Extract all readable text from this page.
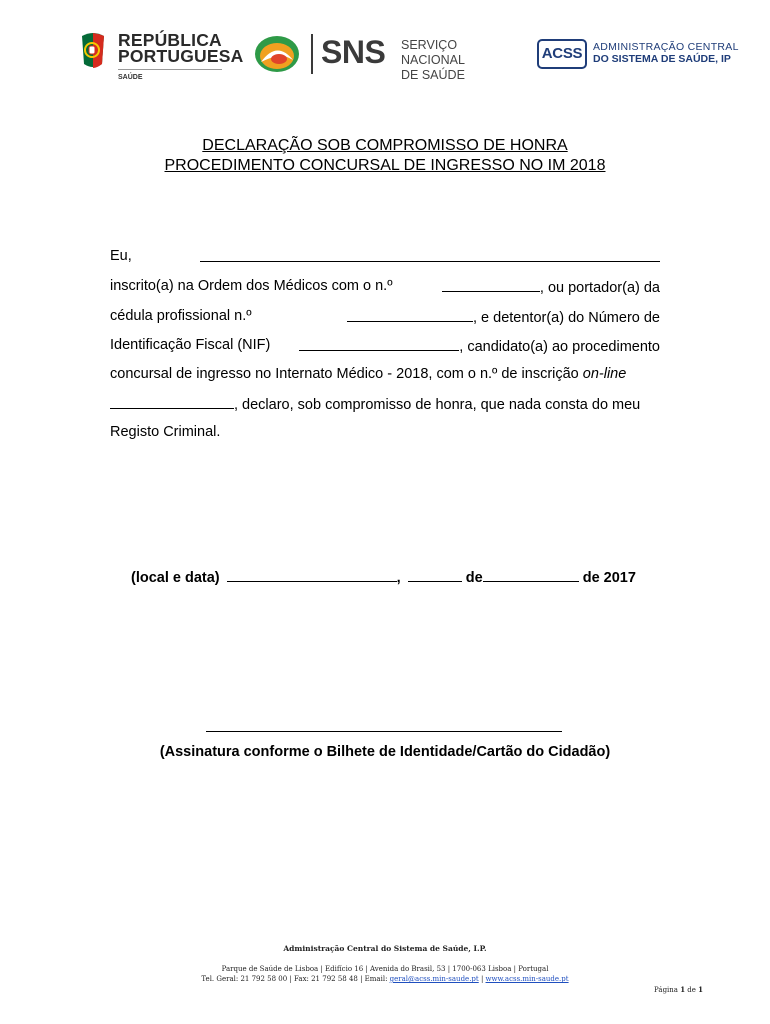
REPÚBLICA
PORTUGUESA
SAÚDE
SNS SERVIÇO NACIONAL
DE SAÚDE
ACSS	ADMINISTRAÇÃO CENTRAL
DO SISTEMA DE SAÚDE, IP
DECLARAÇÃO SOB COMPROMISSO DE HONRA
PROCEDIMENTO CONCURSAL DE INGRESSO NO IM 2018
Eu,
inscrito(a) na Ordem dos Médicos com o n.º	, ou portador(a) da
cédula profissional n.º	, e detentor(a) do Número de
Identificação Fiscal (NIF)	, candidato(a) ao procedimento
concursal de ingresso no Internato Médico - 2018, com o n.º de inscrição on-line
, declaro, sob compromisso de honra, que nada consta do meu
Registo Criminal.
(local e data)	,	de	de 2017
(Assinatura conforme o Bilhete de Identidade/Cartão do Cidadão)
Administração Central do Sistema de Saúde, I.P.
Parque de Saúde de Lisboa | Edifício 16 | Avenida do Brasil, 53 | 1700-063 Lisboa | Portugal
Tel. Geral: 21 792 58 00 | Fax: 21 792 58 48 | Email: geral@acss.min-saude.pt | www.acss.min-saude.pt
Página 1 de 1
